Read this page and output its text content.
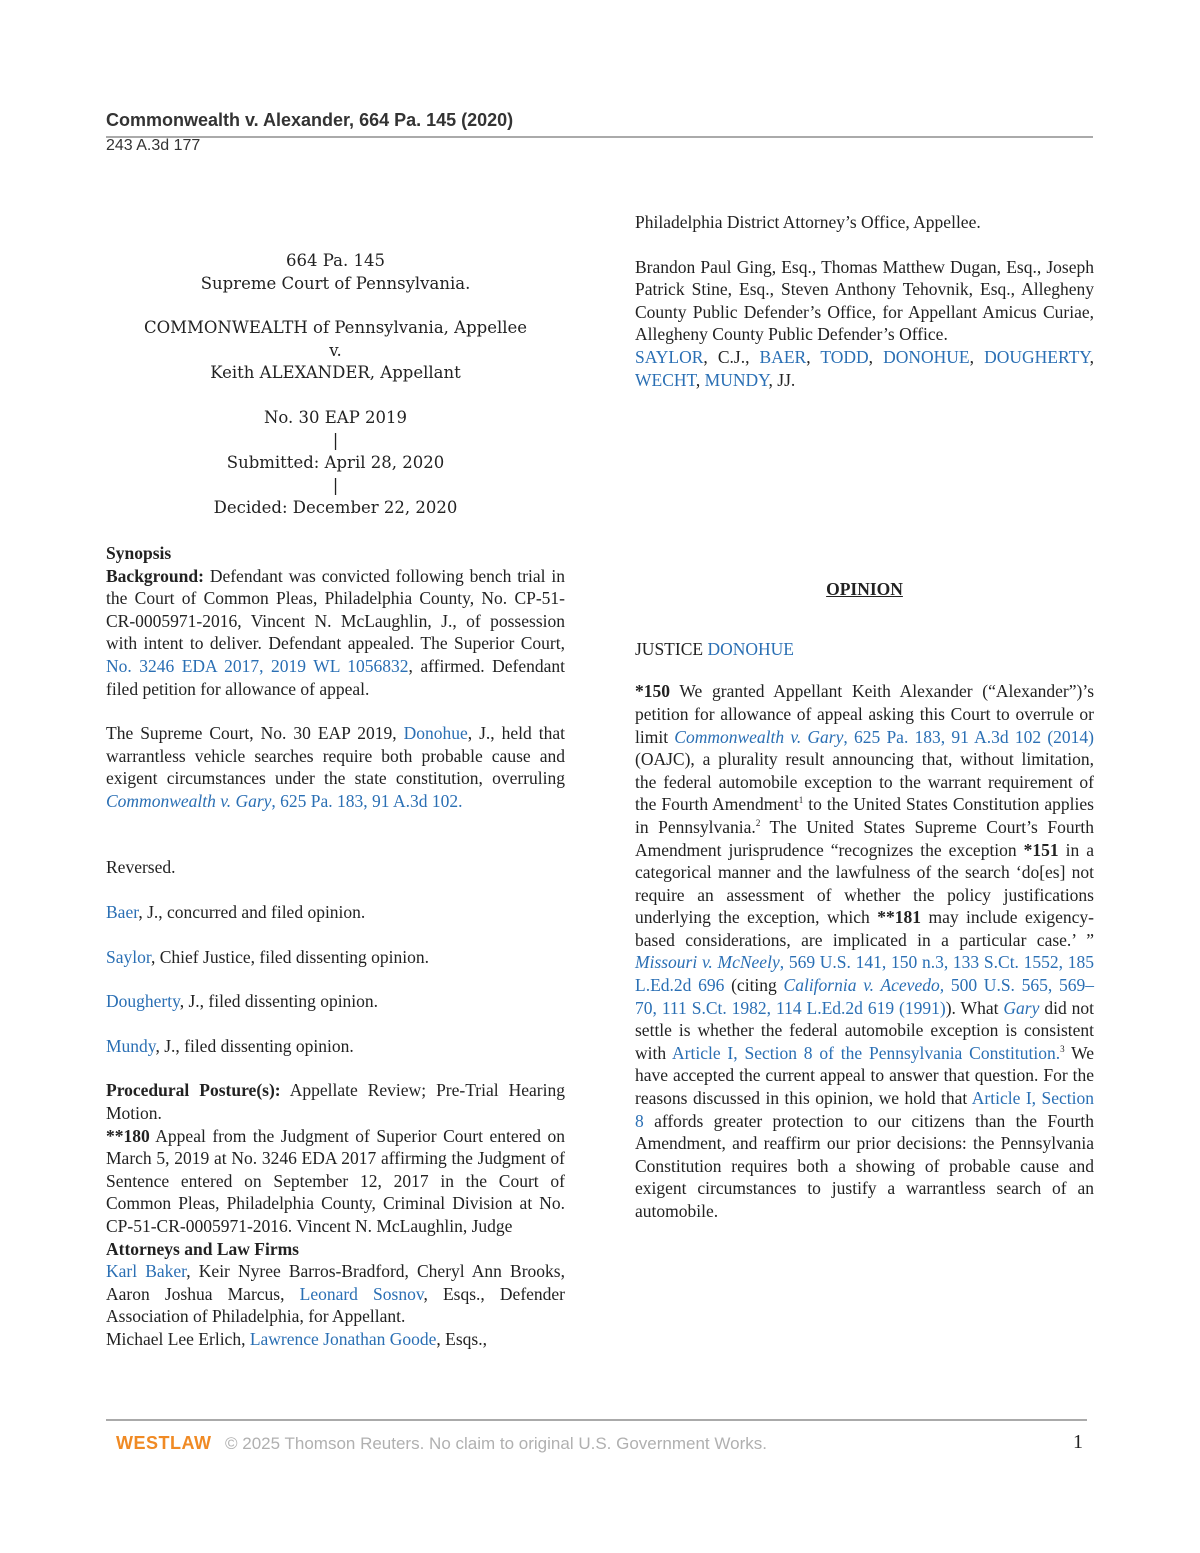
Commonwealth v. Alexander, 664 Pa. 145 (2020)
243 A.3d 177

664 Pa. 145

Supreme Court of Pennsylvania.

COMMONWEALTH of Pennsylvania, Appellee

v.

Keith ALEXANDER, Appellant

No. 30 EAP 2019

|

Submitted: April 28, 2020

|

Decided: December 22, 2020

Synopsis

Background: Defendant was convicted following bench trial in the Court of Common Pleas, Philadelphia County, No. CP-51-CR-0005971-2016, Vincent N. McLaughlin, J., of possession with intent to deliver. Defendant appealed. The Superior Court, No. 3246 EDA 2017, 2019 WL 1056832, affirmed. Defendant filed petition for allowance of appeal.

The Supreme Court, No. 30 EAP 2019, Donohue, J., held that warrantless vehicle searches require both probable cause and exigent circumstances under the state constitution, overruling Commonwealth v. Gary, 625 Pa. 183, 91 A.3d 102.

Reversed.

Baer, J., concurred and filed opinion.

Saylor, Chief Justice, filed dissenting opinion.

Dougherty, J., filed dissenting opinion.

Mundy, J., filed dissenting opinion.

Procedural Posture(s): Appellate Review; Pre-Trial Hearing Motion.

**180 Appeal from the Judgment of Superior Court entered on March 5, 2019 at No. 3246 EDA 2017 affirming the Judgment of Sentence entered on September 12, 2017 in the Court of Common Pleas, Philadelphia County, Criminal Division at No. CP-51-CR-0005971-2016. Vincent N. McLaughlin, Judge

Attorneys and Law Firms

Karl Baker, Keir Nyree Barros-Bradford, Cheryl Ann Brooks, Aaron Joshua Marcus, Leonard Sosnov, Esqs., Defender Association of Philadelphia, for Appellant.

Michael Lee Erlich, Lawrence Jonathan Goode, Esqs.,

Philadelphia District Attorney’s Office, Appellee.

Brandon Paul Ging, Esq., Thomas Matthew Dugan, Esq., Joseph Patrick Stine, Esq., Steven Anthony Tehovnik, Esq., Allegheny County Public Defender’s Office, for Appellant Amicus Curiae, Allegheny County Public Defender’s Office.

SAYLOR, C.J., BAER, TODD, DONOHUE, DOUGHERTY, WECHT, MUNDY, JJ.

OPINION

JUSTICE DONOHUE

*150 We granted Appellant Keith Alexander (“Alexander”)’s petition for allowance of appeal asking this Court to overrule or limit Commonwealth v. Gary, 625 Pa. 183, 91 A.3d 102 (2014) (OAJC), a plurality result announcing that, without limitation, the federal automobile exception to the warrant requirement of the Fourth Amendment$^1$ to the United States Constitution applies in Pennsylvania.$^2$ The United States Supreme Court’s Fourth Amendment jurisprudence “recognizes the exception *151 in a categorical manner and the lawfulness of the search ‘do[es] not require an assessment of whether the policy justifications underlying the exception, which **181 may include exigency-based considerations, are implicated in a particular case.’ ” Missouri v. McNeely, 569 U.S. 141, 150 n.3, 133 S.Ct. 1552, 185 L.Ed.2d 696 (citing California v. Acevedo, 500 U.S. 565, 569–70, 111 S.Ct. 1982, 114 L.Ed.2d 619 (1991)). What Gary did not settle is whether the federal automobile exception is consistent with Article I, Section 8 of the Pennsylvania Constitution.$^3$ We have accepted the current appeal to answer that question. For the reasons discussed in this opinion, we hold that Article I, Section 8 affords greater protection to our citizens than the Fourth Amendment, and reaffirm our prior decisions: the Pennsylvania Constitution requires both a showing of probable cause and exigent circumstances to justify a warrantless search of an automobile.

WESTLAW © 2025 Thomson Reuters. No claim to original U.S. Government Works.	1
